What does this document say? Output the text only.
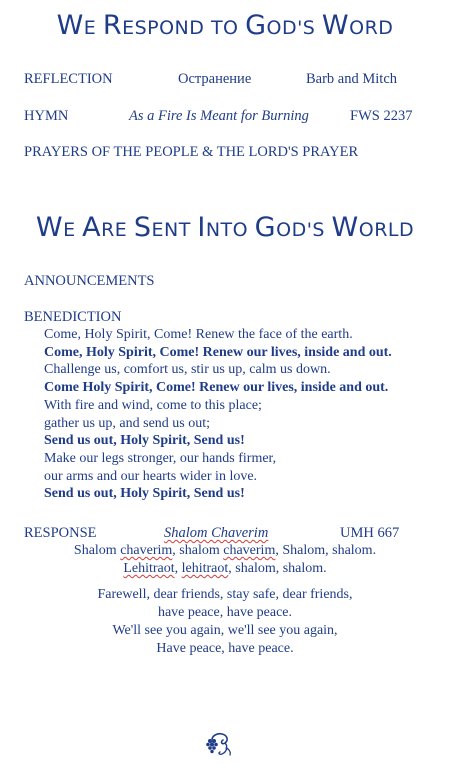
WE RESPOND TO GOD'S WORD
REFLECTION	Остранение	Barb and Mitch
HYMN	As a Fire Is Meant for Burning	FWS 2237
PRAYERS OF THE PEOPLE & THE LORD'S PRAYER
WE ARE SENT INTO GOD'S WORLD
ANNOUNCEMENTS
BENEDICTION
Come, Holy Spirit, Come! Renew the face of the earth.
Come, Holy Spirit, Come! Renew our lives, inside and out.
Challenge us, comfort us, stir us up, calm us down.
Come Holy Spirit, Come! Renew our lives, inside and out.
With fire and wind, come to this place;
gather us up, and send us out;
Send us out, Holy Spirit, Send us!
Make our legs stronger, our hands firmer,
our arms and our hearts wider in love.
Send us out, Holy Spirit, Send us!
RESPONSE	Shalom Chaverim	UMH 667
Shalom chaverim, shalom chaverim, Shalom, shalom.
Lehitraot, lehitraot, shalom, shalom.
Farewell, dear friends, stay safe, dear friends,
have peace, have peace.
We'll see you again, we'll see you again,
Have peace, have peace.
